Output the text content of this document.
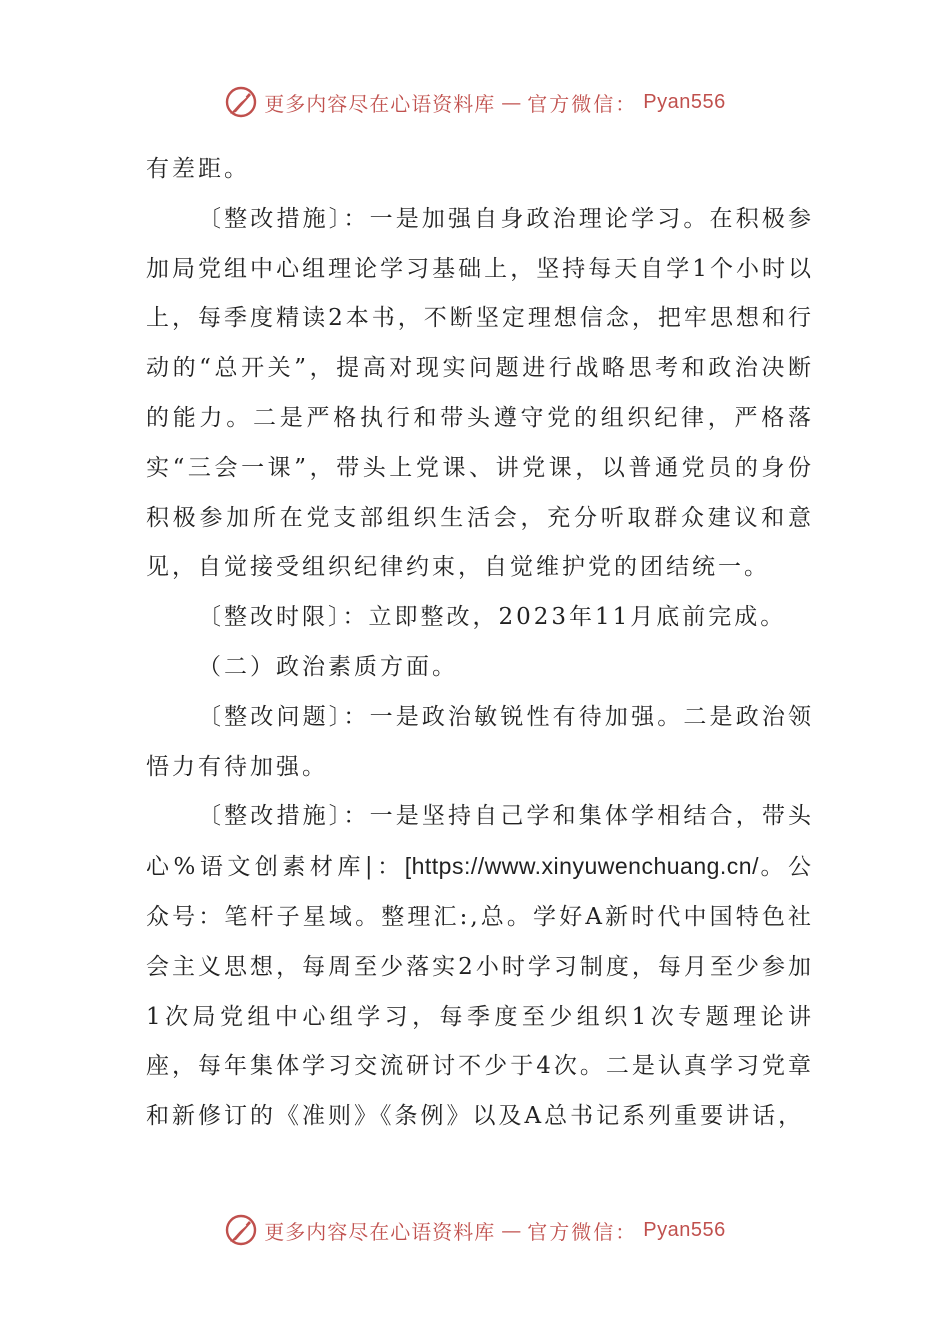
更多内容尽在心语资料库 — 官方微信： Pyan556

有差距。

〔整改措施〕：一是加强自身政治理论学习。在积极参加局党组中心组理论学习基础上，坚持每天自学1个小时以上，每季度精读2本书，不断坚定理想信念，把牢思想和行动的“总开关”，提高对现实问题进行战略思考和政治决断的能力。二是严格执行和带头遵守党的组织纪律，严格落实“三会一课”，带头上党课、讲党课，以普通党员的身份积极参加所在党支部组织生活会，充分听取群众建议和意见，自觉接受组织纪律约束，自觉维护党的团结统一。

〔整改时限〕：立即整改，2023年11月底前完成。

（二）政治素质方面。

〔整改问题〕：一是政治敏锐性有待加强。二是政治领悟力有待加强。

〔整改措施〕：一是坚持自己学和集体学相结合，带头心%语文创素材库|：[https://www.xinyuwenchuang.cn/。公众号：笔杆子星域。整理汇:,总。学好A新时代中国特色社会主义思想，每周至少落实2小时学习制度，每月至少参加1次局党组中心组学习，每季度至少组织1次专题理论讲座，每年集体学习交流研讨不少于4次。二是认真学习党章和新修订的《准则》《条例》以及A总书记系列重要讲话，

更多内容尽在心语资料库 — 官方微信： Pyan556
